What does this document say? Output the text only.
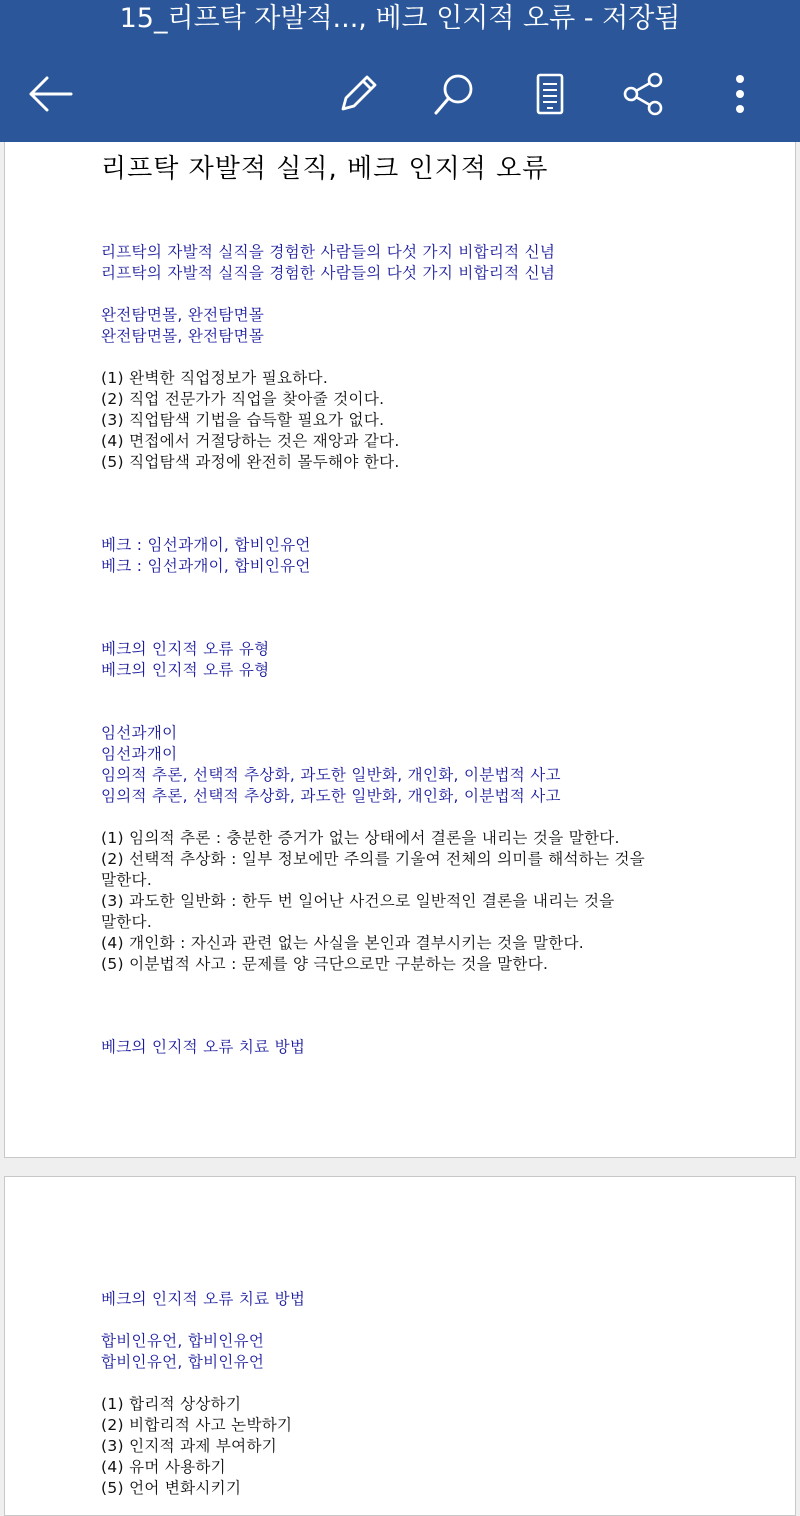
15_리프탁 자발적..., 베크 인지적 오류 - 저장됨
리프탁 자발적 실직, 베크 인지적 오류
리프탁의 자발적 실직을 경험한 사람들의 다섯 가지 비합리적 신념
리프탁의 자발적 실직을 경험한 사람들의 다섯 가지 비합리적 신념
완전탐면몰, 완전탐면몰
완전탐면몰, 완전탐면몰
(1) 완벽한 직업정보가 필요하다.
(2) 직업 전문가가 직업을 찾아줄 것이다.
(3) 직업탐색 기법을 습득할 필요가 없다.
(4) 면접에서 거절당하는 것은 재앙과 같다.
(5) 직업탐색 과정에 완전히 몰두해야 한다.
베크 : 임선과개이, 합비인유언
베크 : 임선과개이, 합비인유언
베크의 인지적 오류 유형
베크의 인지적 오류 유형
임선과개이
임선과개이
임의적 추론, 선택적 추상화, 과도한 일반화, 개인화, 이분법적 사고
임의적 추론, 선택적 추상화, 과도한 일반화, 개인화, 이분법적 사고
(1) 임의적 추론 : 충분한 증거가 없는 상태에서 결론을 내리는 것을 말한다.
(2) 선택적 추상화 : 일부 정보에만 주의를 기울여 전체의 의미를 해석하는 것을
말한다.
(3) 과도한 일반화 : 한두 번 일어난 사건으로 일반적인 결론을 내리는 것을
말한다.
(4) 개인화 : 자신과 관련 없는 사실을 본인과 결부시키는 것을 말한다.
(5) 이분법적 사고 : 문제를 양 극단으로만 구분하는 것을 말한다.
베크의 인지적 오류 치료 방법
베크의 인지적 오류 치료 방법
합비인유언, 합비인유언
합비인유언, 합비인유언
(1) 합리적 상상하기
(2) 비합리적 사고 논박하기
(3) 인지적 과제 부여하기
(4) 유머 사용하기
(5) 언어 변화시키기
